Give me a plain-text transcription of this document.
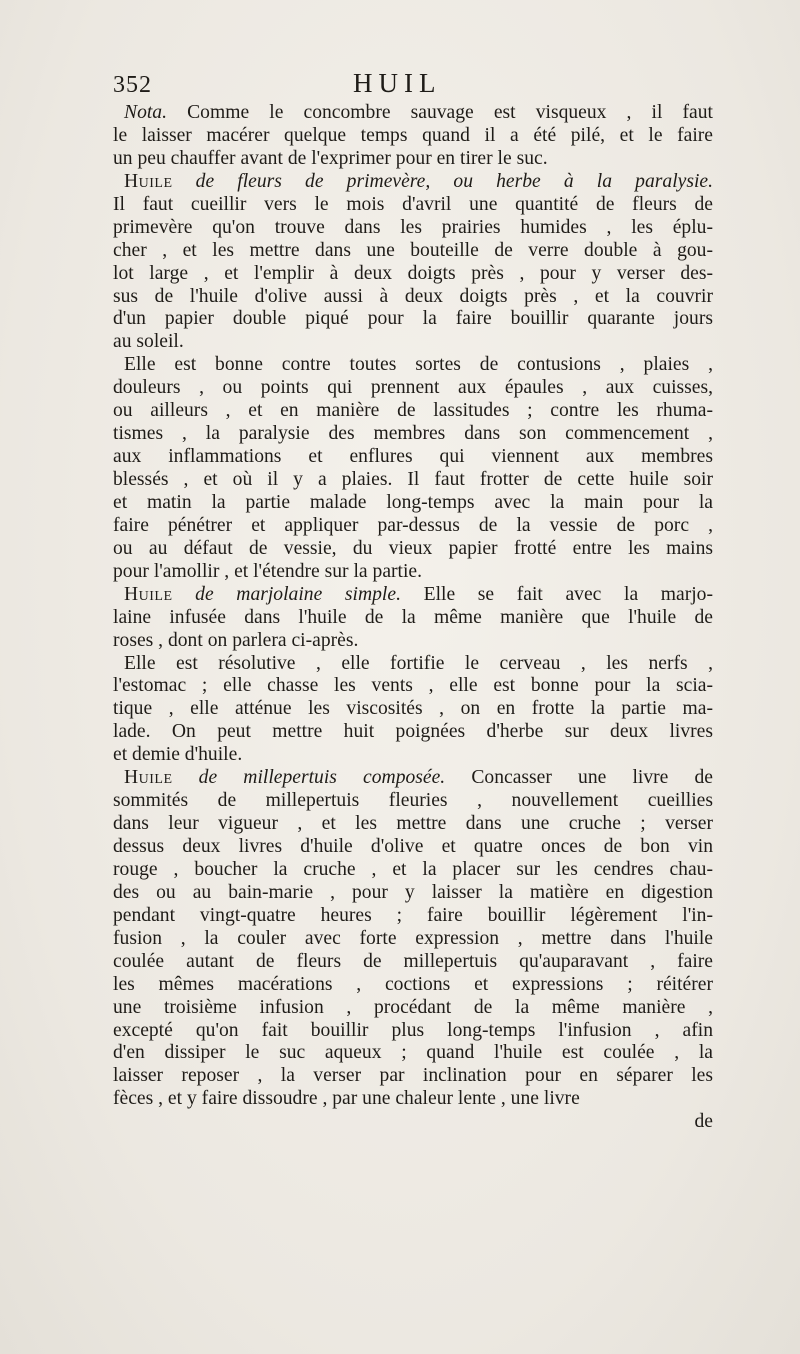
352	HUIL
Nota. Comme le concombre sauvage est visqueux , il faut
le laisser macérer quelque temps quand il a été pilé, et le faire
un peu chauffer avant de l'exprimer pour en tirer le suc.
Huile de fleurs de primevère, ou herbe à la paralysie.
Il faut cueillir vers le mois d'avril une quantité de fleurs de
primevère qu'on trouve dans les prairies humides , les éplu-
cher , et les mettre dans une bouteille de verre double à gou-
lot large , et l'emplir à deux doigts près , pour y verser des-
sus de l'huile d'olive aussi à deux doigts près , et la couvrir
d'un papier double piqué pour la faire bouillir quarante jours
au soleil.
Elle est bonne contre toutes sortes de contusions , plaies ,
douleurs , ou points qui prennent aux épaules , aux cuisses,
ou ailleurs , et en manière de lassitudes ; contre les rhuma-
tismes , la paralysie des membres dans son commencement ,
aux inflammations et enflures qui viennent aux membres
blessés , et où il y a plaies. Il faut frotter de cette huile soir
et matin la partie malade long-temps avec la main pour la
faire pénétrer et appliquer par-dessus de la vessie de porc ,
ou au défaut de vessie, du vieux papier frotté entre les mains
pour l'amollir , et l'étendre sur la partie.
Huile de marjolaine simple. Elle se fait avec la marjo-
laine infusée dans l'huile de la même manière que l'huile de
roses , dont on parlera ci-après.
Elle est résolutive , elle fortifie le cerveau , les nerfs ,
l'estomac ; elle chasse les vents , elle est bonne pour la scia-
tique , elle atténue les viscosités , on en frotte la partie ma-
lade. On peut mettre huit poignées d'herbe sur deux livres
et demie d'huile.
Huile de millepertuis composée. Concasser une livre de
sommités de millepertuis fleuries , nouvellement cueillies
dans leur vigueur , et les mettre dans une cruche ; verser
dessus deux livres d'huile d'olive et quatre onces de bon vin
rouge , boucher la cruche , et la placer sur les cendres chau-
des ou au bain-marie , pour y laisser la matière en digestion
pendant vingt-quatre heures ; faire bouillir légèrement l'in-
fusion , la couler avec forte expression , mettre dans l'huile
coulée autant de fleurs de millepertuis qu'auparavant , faire
les mêmes macérations , coctions et expressions ; réitérer
une troisième infusion , procédant de la même manière ,
excepté qu'on fait bouillir plus long-temps l'infusion , afin
d'en dissiper le suc aqueux ; quand l'huile est coulée , la
laisser reposer , la verser par inclination pour en séparer les
fèces , et y faire dissoudre , par une chaleur lente , une livre
de
